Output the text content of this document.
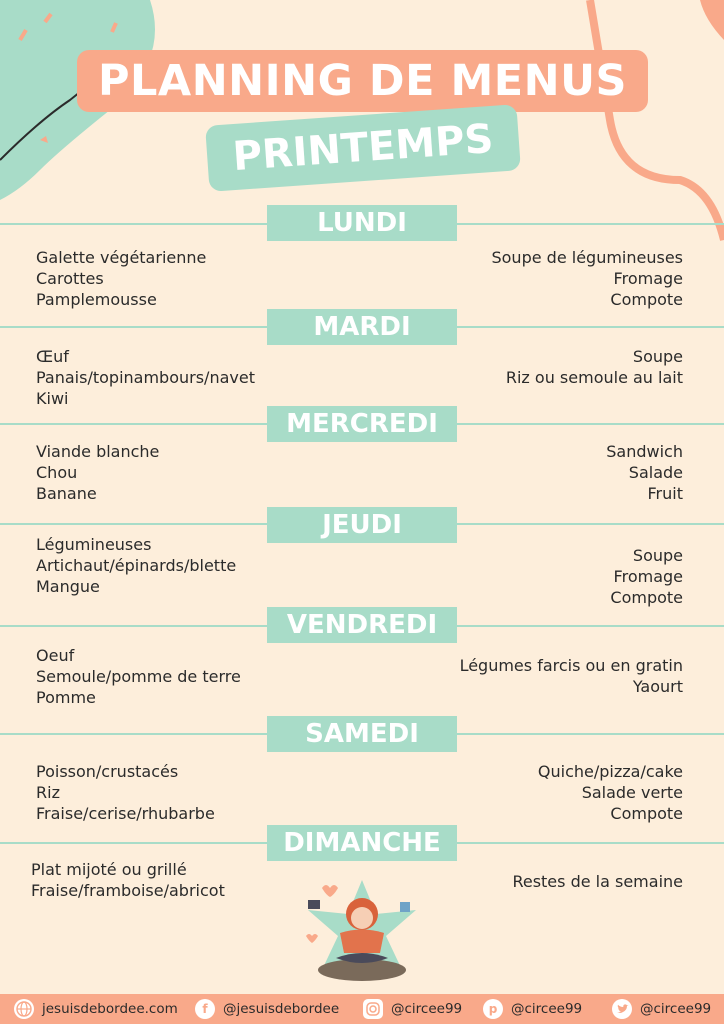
PLANNING DE MENUS
PRINTEMPS
LUNDI
Galette végétarienne
Carottes
Pamplemousse
Soupe de légumineuses
Fromage
Compote
MARDI
Œuf
Panais/topinambours/navet
Kiwi
Soupe
Riz ou semoule au lait
MERCREDI
Viande blanche
Chou
Banane
Sandwich
Salade
Fruit
JEUDI
Légumineuses
Artichaut/épinards/blette
Mangue
Soupe
Fromage
Compote
VENDREDI
Oeuf
Semoule/pomme de terre
Pomme
Légumes farcis ou en gratin
Yaourt
SAMEDI
Poisson/crustacés
Riz
Fraise/cerise/rhubarbe
Quiche/pizza/cake
Salade verte
Compote
DIMANCHE
Plat mijoté ou grillé
Fraise/framboise/abricot	Restes de la semaine
jesuisdebordee.com	f	@jesuisdebordee	@circee99	p	@circee99	@circee99
